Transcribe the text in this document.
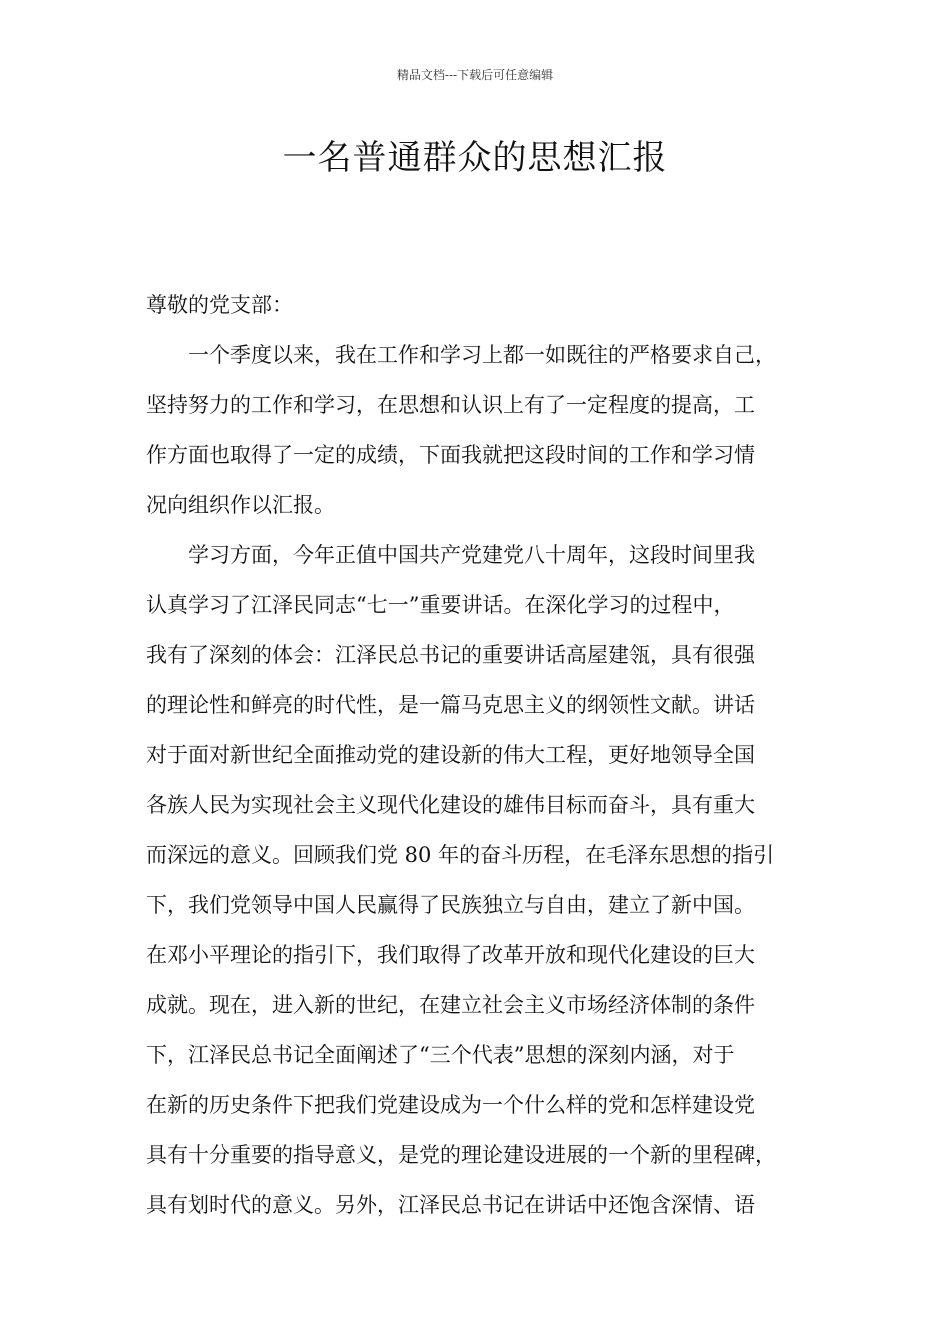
精品文档---下载后可任意编辑
一名普通群众的思想汇报
尊敬的党支部：
一个季度以来，我在工作和学习上都一如既往的严格要求自己，
坚持努力的工作和学习，在思想和认识上有了一定程度的提高，工
作方面也取得了一定的成绩，下面我就把这段时间的工作和学习情
况向组织作以汇报。
学习方面，今年正值中国共产党建党八十周年，这段时间里我
认真学习了江泽民同志“七一”重要讲话。在深化学习的过程中，
我有了深刻的体会：江泽民总书记的重要讲话高屋建瓴，具有很强
的理论性和鲜亮的时代性，是一篇马克思主义的纲领性文献。讲话
对于面对新世纪全面推动党的建设新的伟大工程，更好地领导全国
各族人民为实现社会主义现代化建设的雄伟目标而奋斗，具有重大
而深远的意义。回顾我们党 80 年的奋斗历程，在毛泽东思想的指引
下，我们党领导中国人民赢得了民族独立与自由，建立了新中国。
在邓小平理论的指引下，我们取得了改革开放和现代化建设的巨大
成就。现在，进入新的世纪，在建立社会主义市场经济体制的条件
下，江泽民总书记全面阐述了“三个代表”思想的深刻内涵，对于
在新的历史条件下把我们党建设成为一个什么样的党和怎样建设党
具有十分重要的指导意义，是党的理论建设进展的一个新的里程碑，
具有划时代的意义。另外，江泽民总书记在讲话中还饱含深情、语
